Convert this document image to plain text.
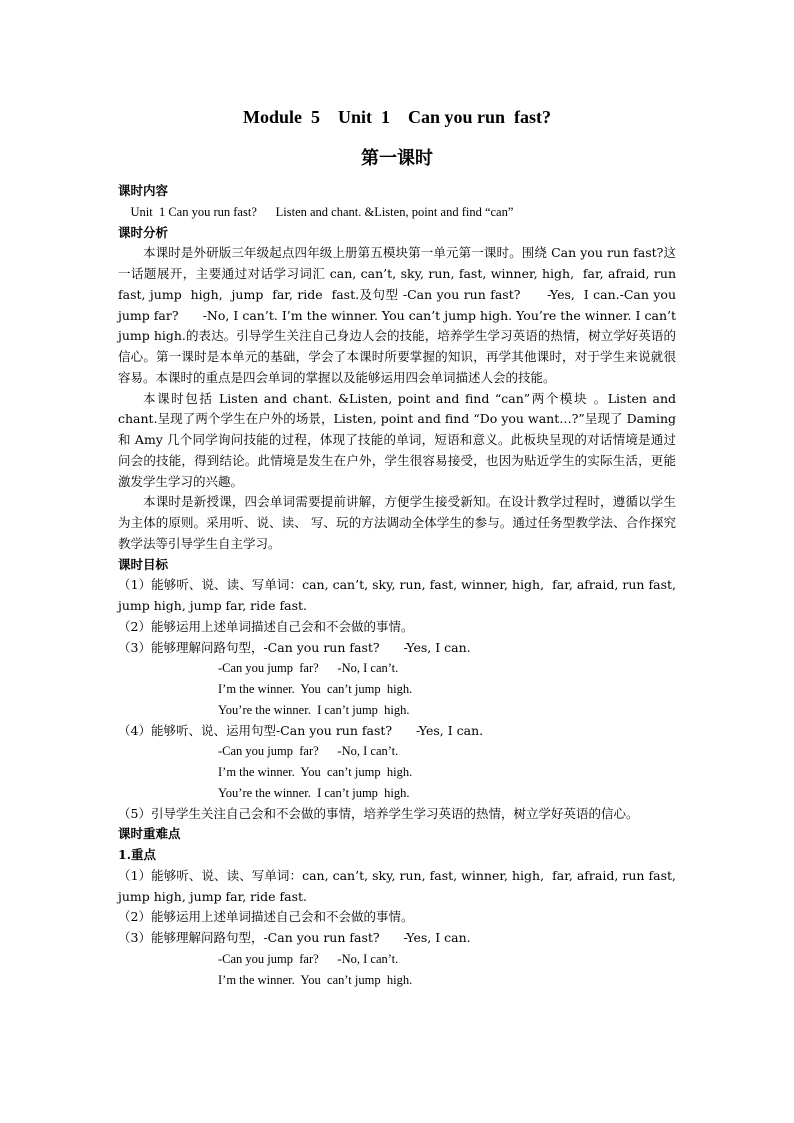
Module  5    Unit  1    Can you run  fast?
第一课时

课时内容

Unit  1 Can you run fast?      Listen and chant. &Listen, point and find “can”

课时分析

本课时是外研版三年级起点四年级上册第五模块第一单元第一课时。围绕 Can you run fast?这一话题展开，主要通过对话学习词汇 can, can’t, sky, run, fast, winner, high,  far, afraid, run fast, jump  high,  jump  far, ride  fast.及句型 -Can you run fast?      -Yes,  I can.-Can you jump far?      -No, I can’t. I’m the winner. You can’t jump high. You’re the winner. I can’t jump high.的表达。引导学生关注自己身边人会的技能，培养学生学习英语的热情，树立学好英语的信心。第一课时是本单元的基础，学会了本课时所要掌握的知识，再学其他课时，对于学生来说就很容易。本课时的重点是四会单词的掌握以及能够运用四会单词描述人会的技能。

本课时包括 Listen and chant. &Listen, point and find “can”两个模块 。Listen and chant.呈现了两个学生在户外的场景，Listen, point and find “Do you want…?”呈现了 Daming 和 Amy 几个同学询问技能的过程，体现了技能的单词，短语和意义。此板块呈现的对话情境是通过问会的技能，得到结论。此情境是发生在户外，学生很容易接受，也因为贴近学生的实际生活，更能激发学生学习的兴趣。

本课时是新授课，四会单词需要提前讲解，方便学生接受新知。在设计教学过程时，遵循以学生为主体的原则。采用听、说、读、 写、玩的方法调动全体学生的参与。通过任务型教学法、合作探究教学法等引导学生自主学习。

课时目标

（1）能够听、说、读、写单词：can, can’t, sky, run, fast, winner, high,  far, afraid, run fast, jump high, jump far, ride fast.

（2）能够运用上述单词描述自己会和不会做的事情。

（3）能够理解问路句型，-Can you run fast?      -Yes, I can.

-Can you jump  far?      -No, I can’t.

I’m the winner.  You  can’t jump  high.

You’re the winner.  I can’t jump  high.

（4）能够听、说、运用句型-Can you run fast?      -Yes, I can.

-Can you jump  far?      -No, I can’t.

I’m the winner.  You  can’t jump  high.

You’re the winner.  I can’t jump  high.

（5）引导学生关注自己会和不会做的事情，培养学生学习英语的热情，树立学好英语的信心。

课时重难点

1.重点

（1）能够听、说、读、写单词：can, can’t, sky, run, fast, winner, high,  far, afraid, run fast, jump high, jump far, ride fast.

（2）能够运用上述单词描述自己会和不会做的事情。

（3）能够理解问路句型，-Can you run fast?      -Yes, I can.

-Can you jump  far?      -No, I can’t.

I’m the winner.  You  can’t jump  high.
